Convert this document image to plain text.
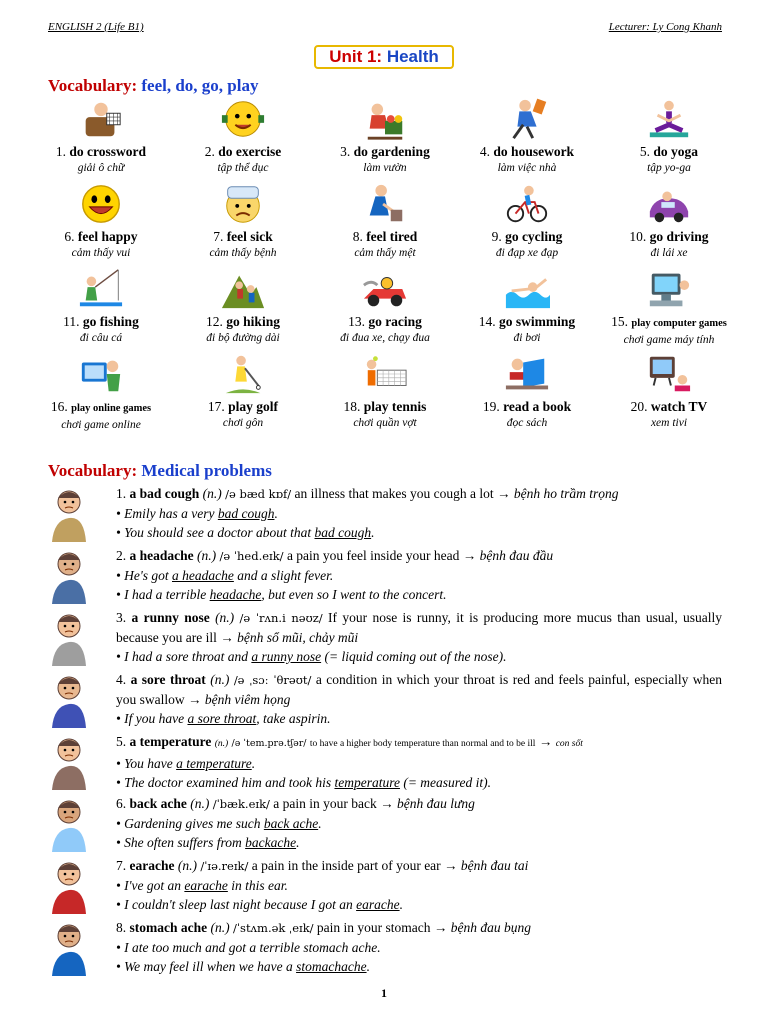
ENGLISH 2 (Life B1)	Lecturer: Ly Cong Khanh
Unit 1: Health
Vocabulary: feel, do, go, play
1. do crossword
giải ô chữ
2. do exercise
tập thể dục
3. do gardening
làm vườn
4. do housework
làm việc nhà
5. do yoga
tập yo-ga
6. feel happy
cảm thấy vui
7. feel sick
cảm thấy bệnh
8. feel tired
cảm thấy mệt
9. go cycling
đi đạp xe đạp
10. go driving
đi lái xe
11. go fishing
đi câu cá
12. go hiking
đi bộ đường dài
13. go racing
đi đua xe, chạy đua
14. go swimming
đi bơi
15. play computer games
chơi game máy tính
16. play online games
chơi game online
17. play golf
chơi gôn
18. play tennis
chơi quần vợt
19. read a book
đọc sách
20. watch TV
xem tivi
Vocabulary: Medical problems
1. a bad cough (n.) /ə bæd kɒf/ an illness that makes you cough a lot → bệnh ho trầm trọng
• Emily has a very bad cough.
• You should see a doctor about that bad cough.
2. a headache (n.) /ə ˈhed.eɪk/ a pain you feel inside your head → bệnh đau đầu
• He's got a headache and a slight fever.
• I had a terrible headache, but even so I went to the concert.
3. a runny nose (n.) /ə ˈrʌn.i nəʊz/ If your nose is runny, it is producing more mucus than usual, usually because you are ill → bệnh sổ mũi, chảy mũi
• I had a sore throat and a runny nose (= liquid coming out of the nose).
4. a sore throat (n.) /ə ˌsɔː ˈθrəʊt/ a condition in which your throat is red and feels painful, especially when you swallow → bệnh viêm họng
• If you have a sore throat, take aspirin.
5. a temperature (n.) /ə ˈtem.prə.tʃər/ to have a higher body temperature than normal and to be ill → con sốt
• You have a temperature.
• The doctor examined him and took his temperature (= measured it).
6. back ache (n.) /ˈbæk.eɪk/ a pain in your back → bệnh đau lưng
• Gardening gives me such back ache.
• She often suffers from backache.
7. earache (n.) /ˈɪə.reɪk/ a pain in the inside part of your ear → bệnh đau tai
• I've got an earache in this ear.
• I couldn't sleep last night because I got an earache.
8. stomach ache (n.) /ˈstʌm.ək ˌeɪk/ pain in your stomach → bệnh đau bụng
• I ate too much and got a terrible stomach ache.
• We may feel ill when we have a stomachache.
1
